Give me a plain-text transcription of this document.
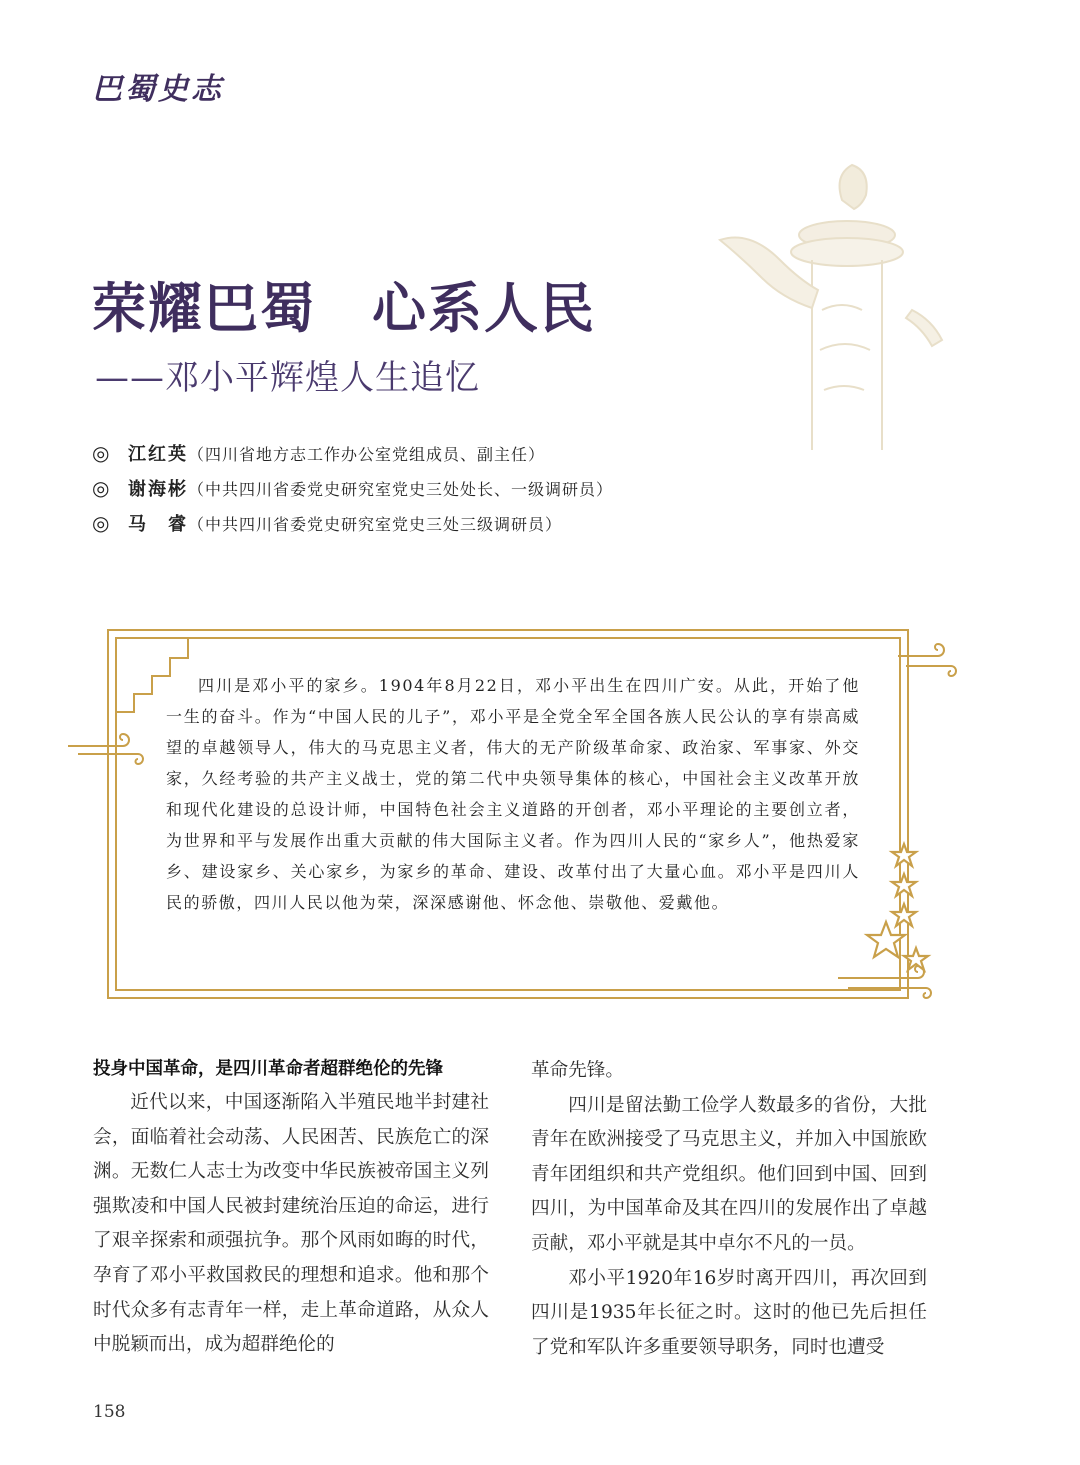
巴蜀史志
荣耀巴蜀　心系人民
——邓小平辉煌人生追忆
◎	江红英 （四川省地方志工作办公室党组成员、副主任）
◎	谢海彬 （中共四川省委党史研究室党史三处处长、一级调研员）
◎	马　睿 （中共四川省委党史研究室党史三处三级调研员）
四川是邓小平的家乡。1904年8月22日，邓小平出生在四川广安。从此，开始了他一生的奋斗。作为“中国人民的儿子”，邓小平是全党全军全国各族人民公认的享有崇高威望的卓越领导人，伟大的马克思主义者，伟大的无产阶级革命家、政治家、军事家、外交家，久经考验的共产主义战士，党的第二代中央领导集体的核心，中国社会主义改革开放和现代化建设的总设计师，中国特色社会主义道路的开创者，邓小平理论的主要创立者，为世界和平与发展作出重大贡献的伟大国际主义者。作为四川人民的“家乡人”，他热爱家乡、建设家乡、关心家乡，为家乡的革命、建设、改革付出了大量心血。邓小平是四川人民的骄傲，四川人民以他为荣，深深感谢他、怀念他、崇敬他、爱戴他。
投身中国革命，是四川革命者超群绝伦的先锋

近代以来，中国逐渐陷入半殖民地半封建社会，面临着社会动荡、人民困苦、民族危亡的深渊。无数仁人志士为改变中华民族被帝国主义列强欺凌和中国人民被封建统治压迫的命运，进行了艰辛探索和顽强抗争。那个风雨如晦的时代，孕育了邓小平救国救民的理想和追求。他和那个时代众多有志青年一样，走上革命道路，从众人中脱颖而出，成为超群绝伦的

革命先锋。

四川是留法勤工俭学人数最多的省份，大批青年在欧洲接受了马克思主义，并加入中国旅欧青年团组织和共产党组织。他们回到中国、回到四川，为中国革命及其在四川的发展作出了卓越贡献，邓小平就是其中卓尔不凡的一员。

邓小平1920年16岁时离开四川，再次回到四川是1935年长征之时。这时的他已先后担任了党和军队许多重要领导职务，同时也遭受

158
